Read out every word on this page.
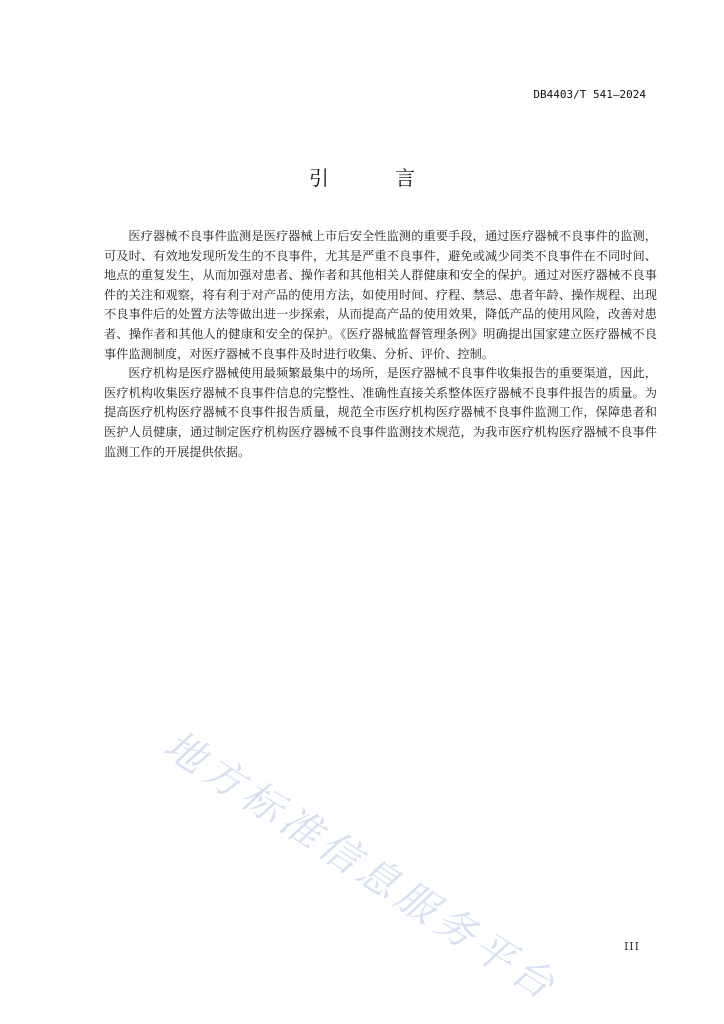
DB4403/T 541—2024
引 言

医疗器械不良事件监测是医疗器械上市后安全性监测的重要手段，通过医疗器械不良事件的监测，可及时、有效地发现所发生的不良事件，尤其是严重不良事件，避免或减少同类不良事件在不同时间、地点的重复发生，从而加强对患者、操作者和其他相关人群健康和安全的保护。通过对医疗器械不良事件的关注和观察，将有利于对产品的使用方法，如使用时间、疗程、禁忌、患者年龄、操作规程、出现不良事件后的处置方法等做出进一步探索，从而提高产品的使用效果，降低产品的使用风险，改善对患者、操作者和其他人的健康和安全的保护。《医疗器械监督管理条例》明确提出国家建立医疗器械不良事件监测制度，对医疗器械不良事件及时进行收集、分析、评价、控制。

医疗机构是医疗器械使用最频繁最集中的场所，是医疗器械不良事件收集报告的重要渠道，因此，医疗机构收集医疗器械不良事件信息的完整性、准确性直接关系整体医疗器械不良事件报告的质量。为提高医疗机构医疗器械不良事件报告质量，规范全市医疗机构医疗器械不良事件监测工作，保障患者和医护人员健康，通过制定医疗机构医疗器械不良事件监测技术规范，为我市医疗机构医疗器械不良事件监测工作的开展提供依据。

地方标准信息服务平台	III
